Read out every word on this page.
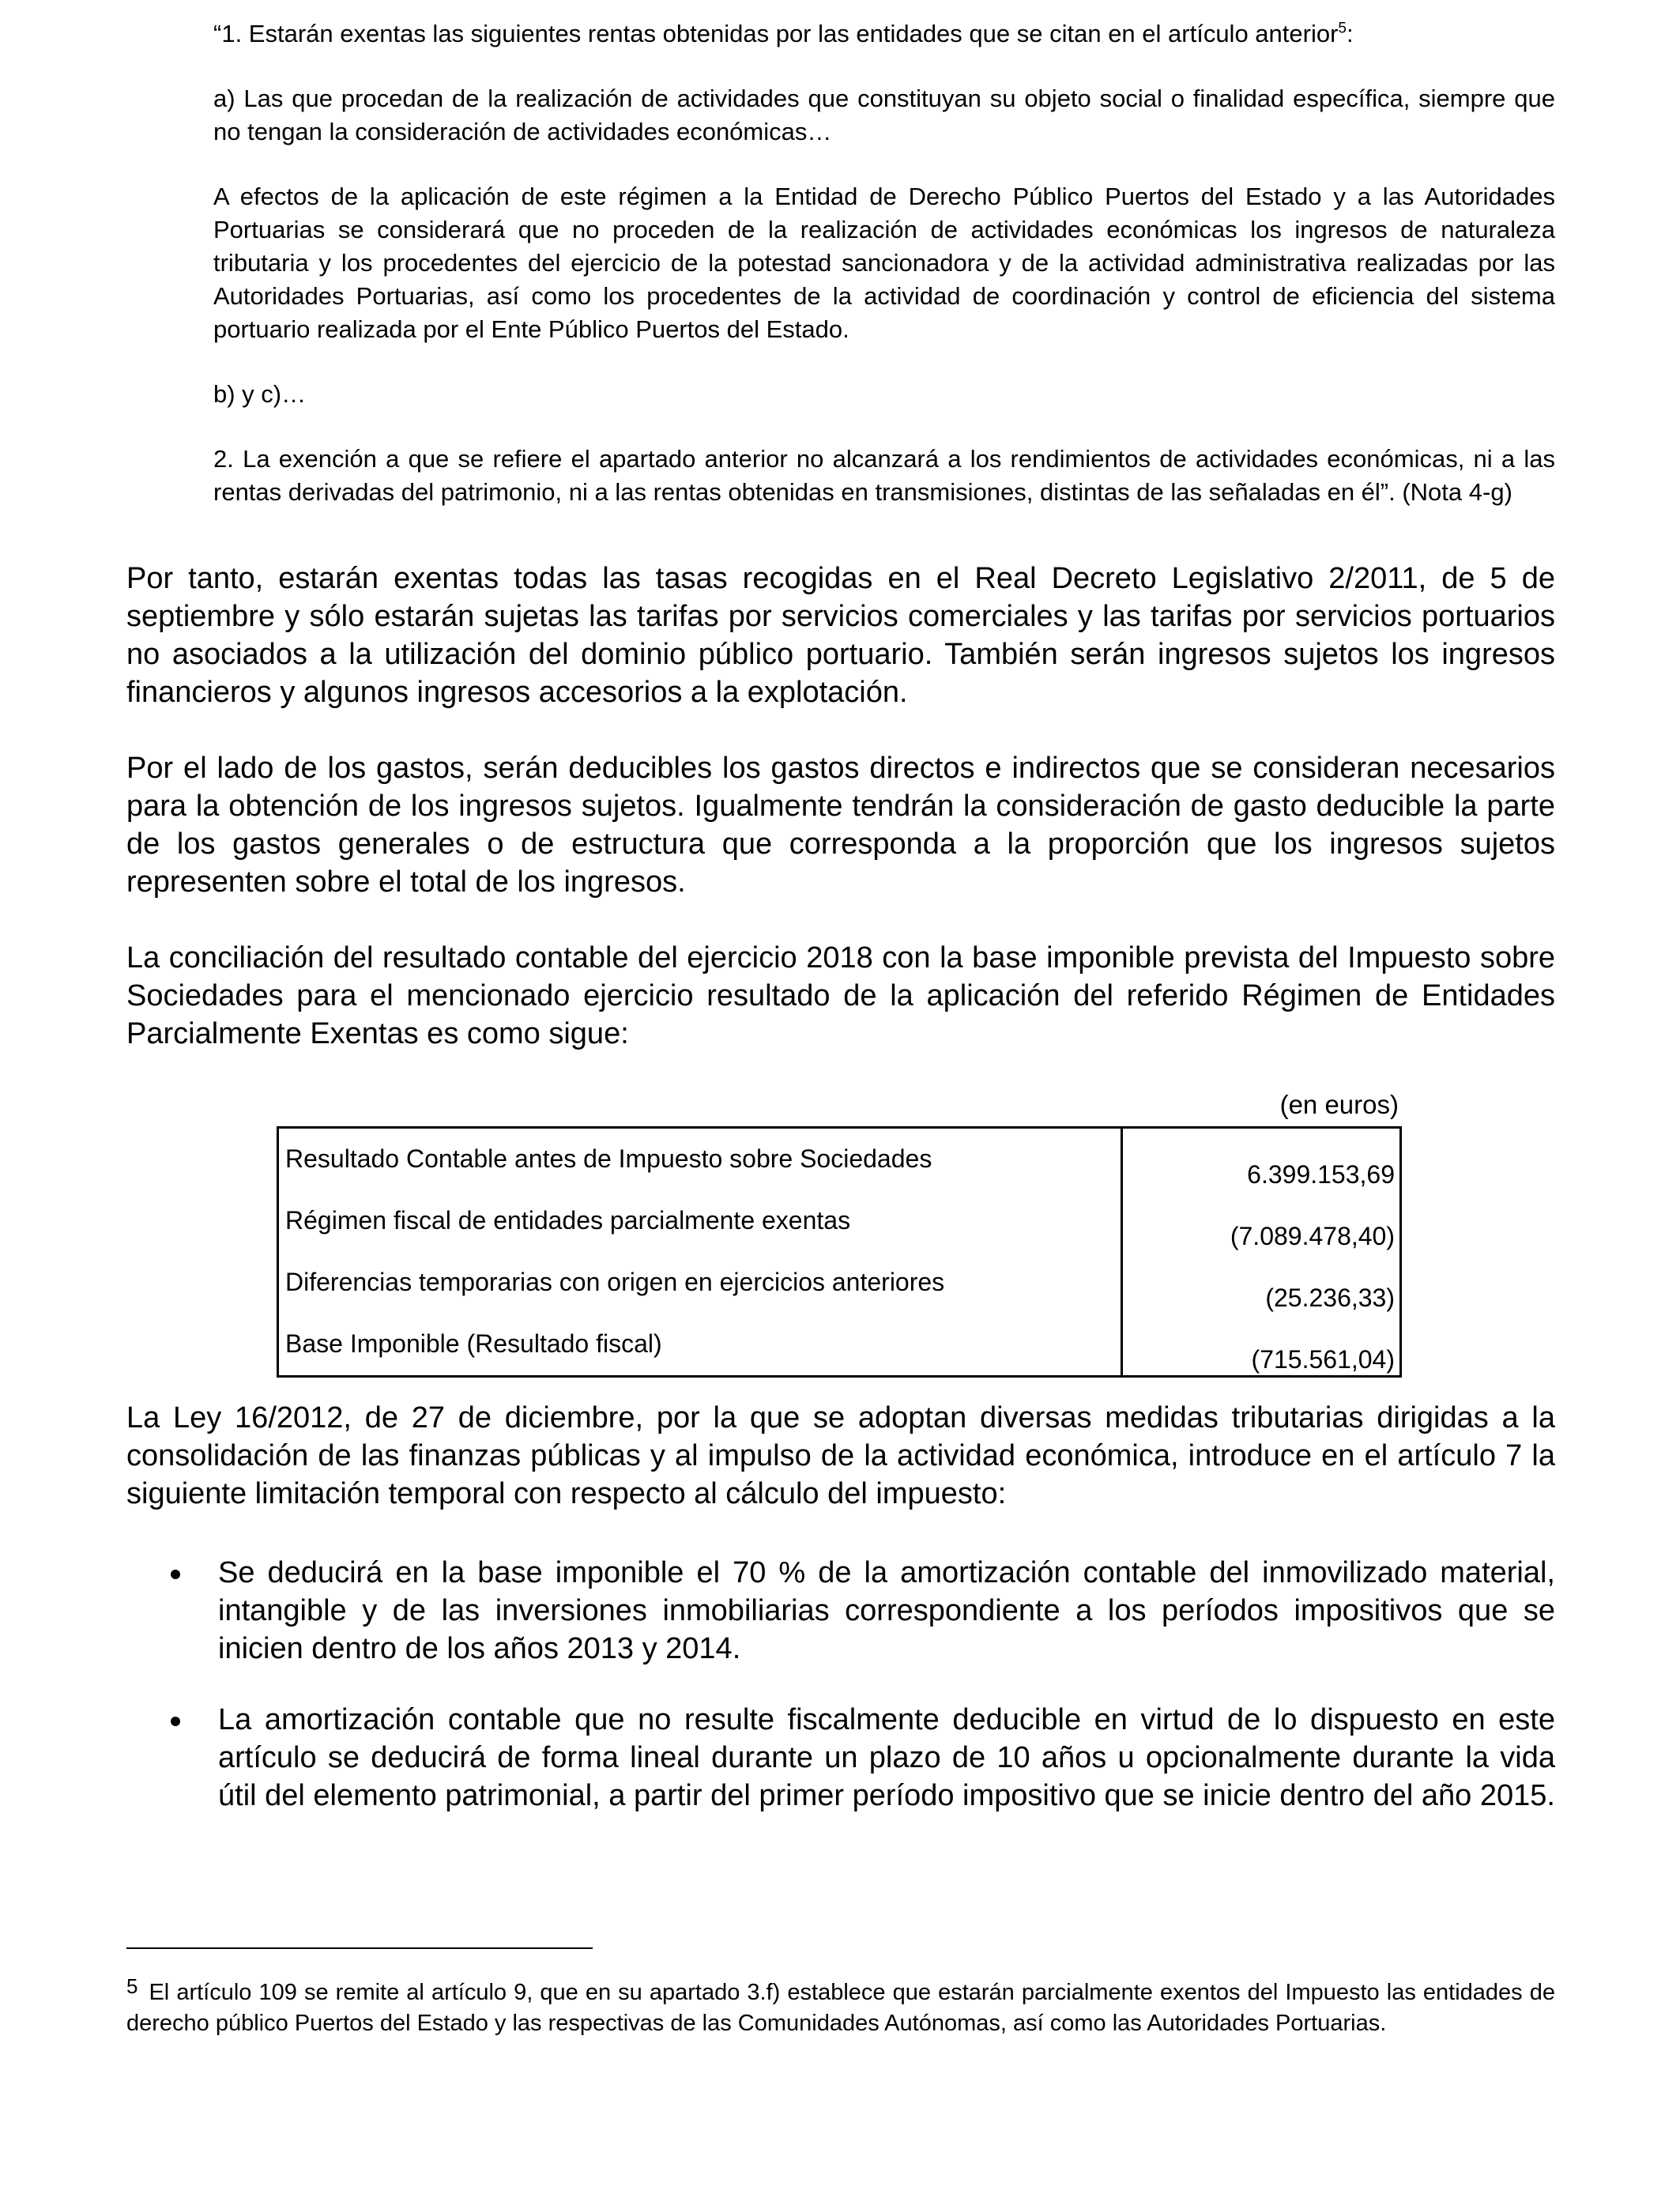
“1. Estarán exentas las siguientes rentas obtenidas por las entidades que se citan en el artículo anterior$^5$:

a) Las que procedan de la realización de actividades que constituyan su objeto social o finalidad específica, siempre que no tengan la consideración de actividades económicas…

A efectos de la aplicación de este régimen a la Entidad de Derecho Público Puertos del Estado y a las Autoridades Portuarias se considerará que no proceden de la realización de actividades económicas los ingresos de naturaleza tributaria y los procedentes del ejercicio de la potestad sancionadora y de la actividad administrativa realizadas por las Autoridades Portuarias, así como los procedentes de la actividad de coordinación y control de eficiencia del sistema portuario realizada por el Ente Público Puertos del Estado.

b) y c)…

2. La exención a que se refiere el apartado anterior no alcanzará a los rendimientos de actividades económicas, ni a las rentas derivadas del patrimonio, ni a las rentas obtenidas en transmisiones, distintas de las señaladas en él”. (Nota 4-g)

Por tanto, estarán exentas todas las tasas recogidas en el Real Decreto Legislativo 2/2011, de 5 de septiembre y sólo estarán sujetas las tarifas por servicios comerciales y las tarifas por servicios portuarios no asociados a la utilización del dominio público portuario. También serán ingresos sujetos los ingresos financieros y algunos ingresos accesorios a la explotación.

Por el lado de los gastos, serán deducibles los gastos directos e indirectos que se consideran necesarios para la obtención de los ingresos sujetos. Igualmente tendrán la consideración de gasto deducible la parte de los gastos generales o de estructura que corresponda a la proporción que los ingresos sujetos representen sobre el total de los ingresos.

La conciliación del resultado contable del ejercicio 2018 con la base imponible prevista del Impuesto sobre Sociedades para el mencionado ejercicio resultado de la aplicación del referido Régimen de Entidades Parcialmente Exentas es como sigue:

(en euros)
Resultado Contable antes de Impuesto sobre Sociedades	6.399.153,69
Régimen fiscal de entidades parcialmente exentas	(7.089.478,40)
Diferencias temporarias con origen en ejercicios anteriores	(25.236,33)
Base Imponible (Resultado fiscal)	(715.561,04)

La Ley 16/2012, de 27 de diciembre, por la que se adoptan diversas medidas tributarias dirigidas a la consolidación de las finanzas públicas y al impulso de la actividad económica, introduce en el artículo 7 la siguiente limitación temporal con respecto al cálculo del impuesto:

Se deducirá en la base imponible el 70 % de la amortización contable del inmovilizado material, intangible y de las inversiones inmobiliarias correspondiente a los períodos impositivos que se inicien dentro de los años 2013 y 2014.
La amortización contable que no resulte fiscalmente deducible en virtud de lo dispuesto en este artículo se deducirá de forma lineal durante un plazo de 10 años u opcionalmente durante la vida útil del elemento patrimonial, a partir del primer período impositivo que se inicie dentro del año 2015.

5 El artículo 109 se remite al artículo 9, que en su apartado 3.f) establece que estarán parcialmente exentos del Impuesto las entidades de derecho público Puertos del Estado y las respectivas de las Comunidades Autónomas, así como las Autoridades Portuarias.
